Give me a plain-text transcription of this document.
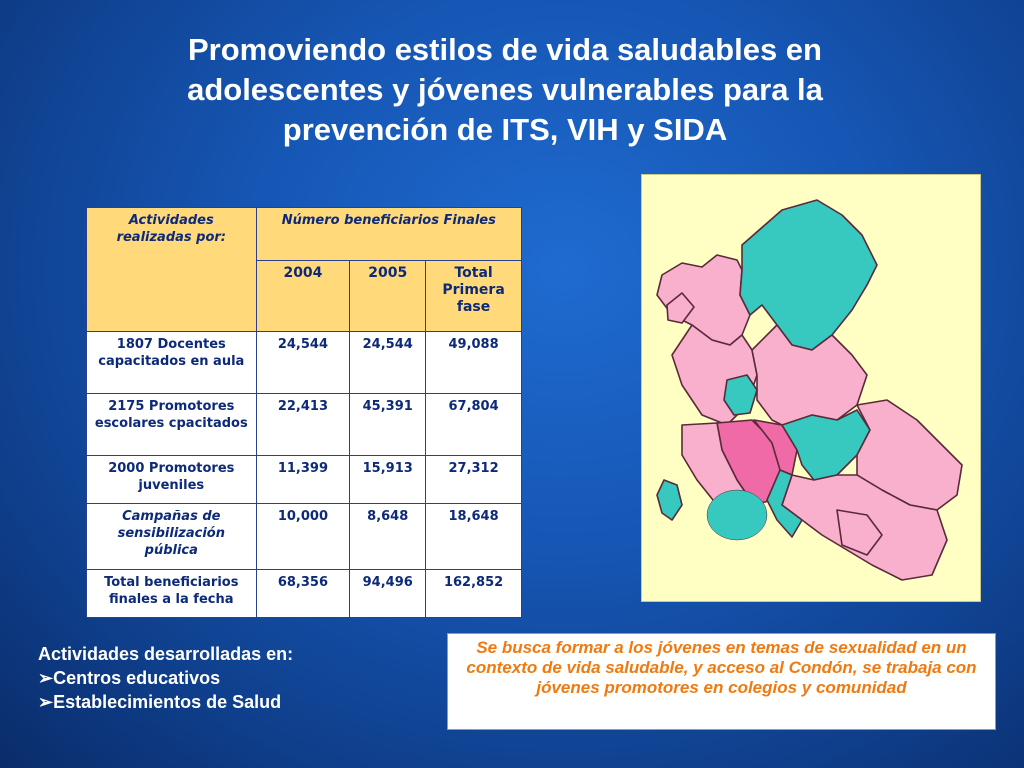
Promoviendo estilos de vida saludables en
adolescentes y jóvenes vulnerables para la
prevención de ITS, VIH y SIDA
Actividades realizadas por:	Número beneficiarios Finales		
	2004	2005	Total Primera fase
1807 Docentes capacitados en aula	24,544	24,544	49,088
2175 Promotores escolares cpacitados	22,413	45,391	67,804
2000 Promotores juveniles	11,399	15,913	27,312
Campañas de sensibilización pública	10,000	8,648	18,648
Total beneficiarios finales a la fecha	68,356	94,496	162,852
Actividades desarrolladas en:
➢Centros educativos
➢Establecimientos de Salud
Se busca formar a los jóvenes en temas de sexualidad en un contexto de vida saludable, y acceso al Condón, se trabaja con jóvenes promotores en colegios y comunidad
